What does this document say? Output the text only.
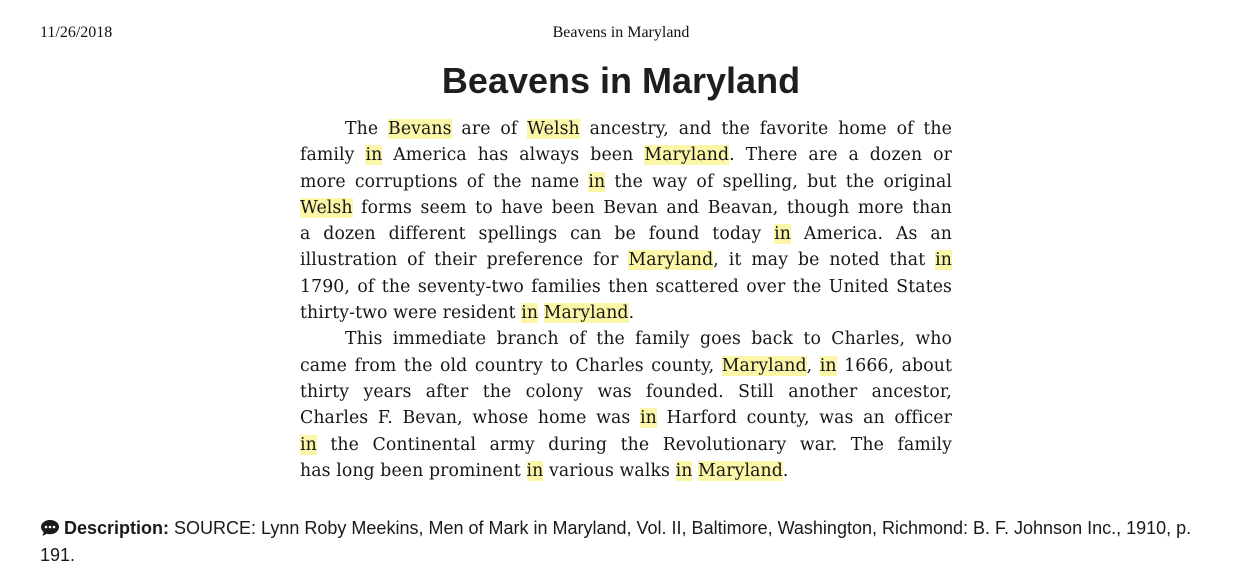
11/26/2018	Beavens in Maryland
Beavens in Maryland
The Bevans are of Welsh ancestry, and the favorite home of the
family in America has always been Maryland. There are a dozen or
more corruptions of the name in the way of spelling, but the original
Welsh forms seem to have been Bevan and Beavan, though more than
a dozen different spellings can be found today in America. As an
illustration of their preference for Maryland, it may be noted that in
1790, of the seventy-two families then scattered over the United States
thirty-two were resident in Maryland.
This immediate branch of the family goes back to Charles, who
came from the old country to Charles county, Maryland, in 1666, about
thirty years after the colony was founded. Still another ancestor,
Charles F. Bevan, whose home was in Harford county, was an officer
in the Continental army during the Revolutionary war. The family
has long been prominent in various walks in Maryland.
Description: SOURCE: Lynn Roby Meekins, Men of Mark in Maryland, Vol. II, Baltimore, Washington, Richmond: B. F. Johnson Inc., 1910, p. 191.
